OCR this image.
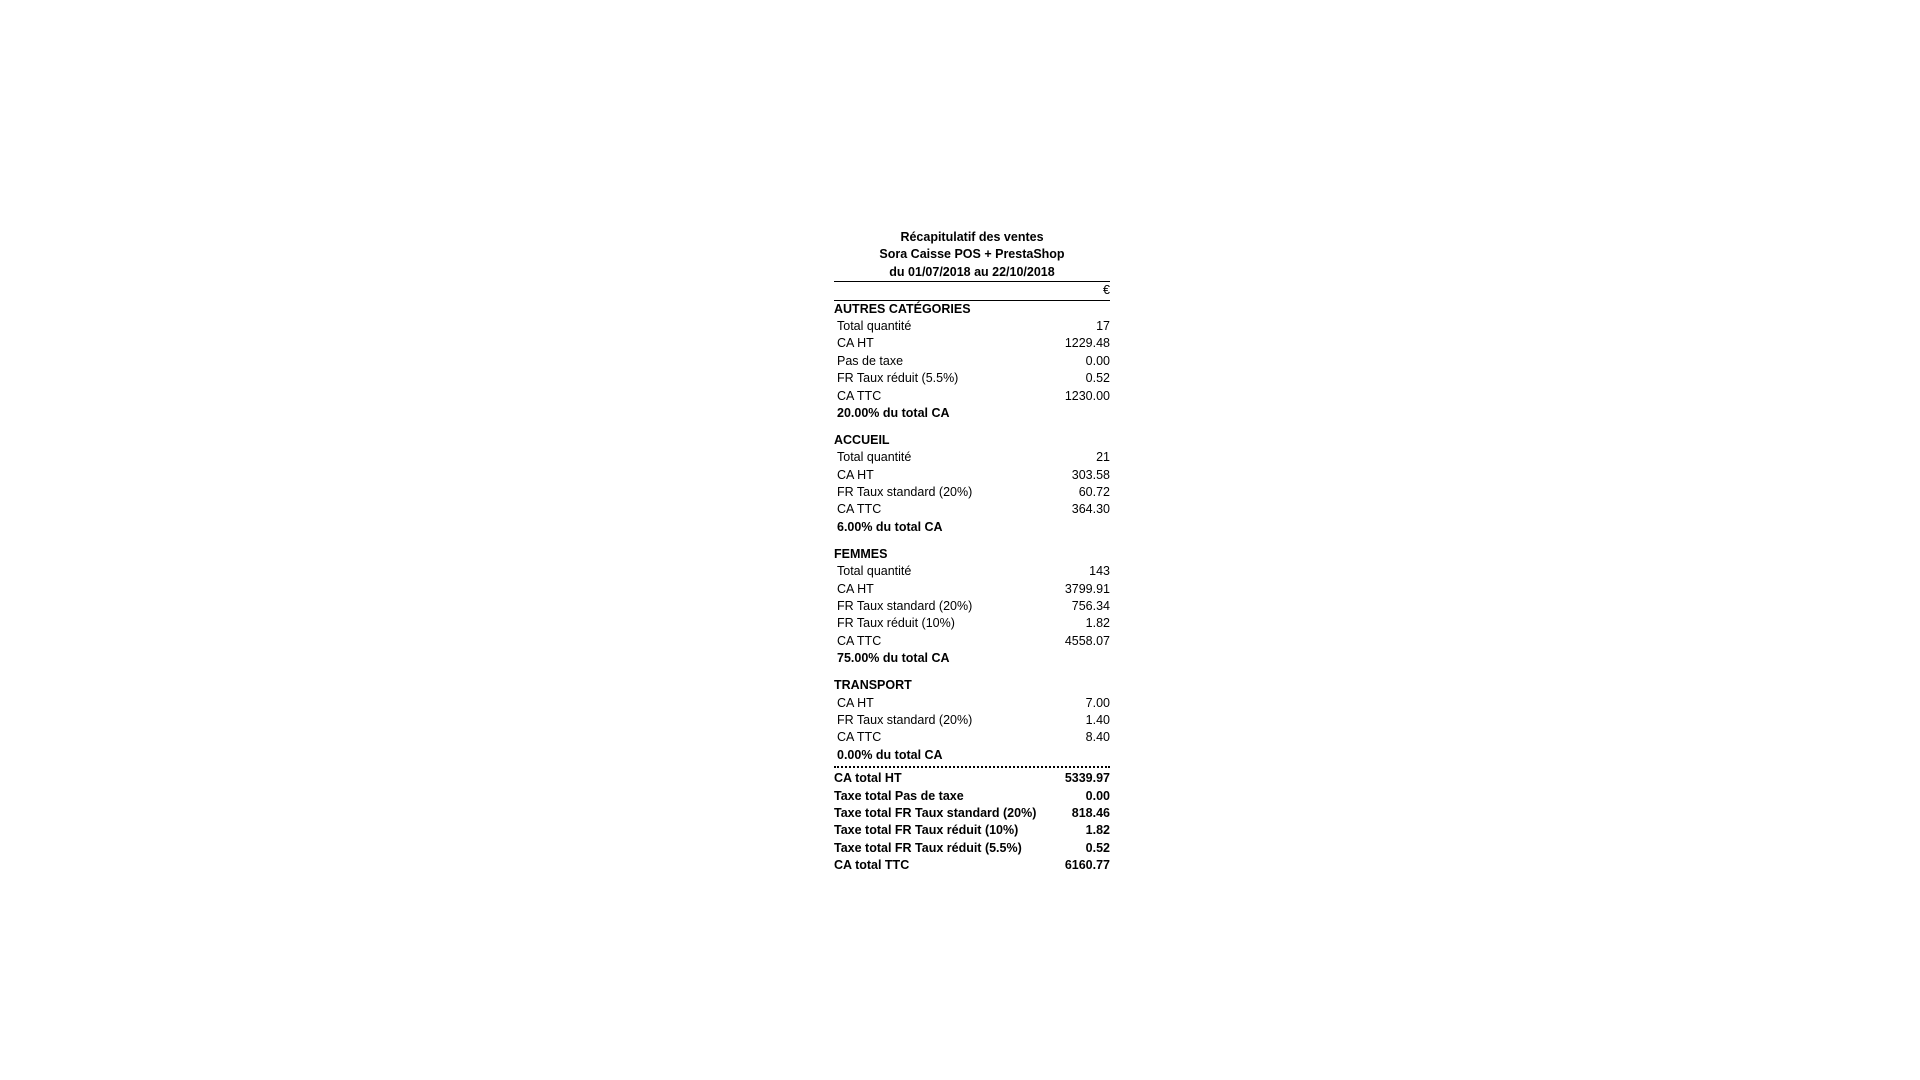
Récapitulatif des ventes
Sora Caisse POS + PrestaShop
du 01/07/2018 au 22/10/2018
€
AUTRES CATÉGORIES
Total quantité	17
CA HT	1229.48
Pas de taxe	0.00
FR Taux réduit (5.5%)	0.52
CA TTC	1230.00
20.00% du total CA
ACCUEIL
Total quantité	21
CA HT	303.58
FR Taux standard (20%)	60.72
CA TTC	364.30
6.00% du total CA
FEMMES
Total quantité	143
CA HT	3799.91
FR Taux standard (20%)	756.34
FR Taux réduit (10%)	1.82
CA TTC	4558.07
75.00% du total CA
TRANSPORT
CA HT	7.00
FR Taux standard (20%)	1.40
CA TTC	8.40
0.00% du total CA
CA total HT	5339.97
Taxe total Pas de taxe	0.00
Taxe total FR Taux standard (20%)	818.46
Taxe total FR Taux réduit (10%)	1.82
Taxe total FR Taux réduit (5.5%)	0.52
CA total TTC	6160.77
